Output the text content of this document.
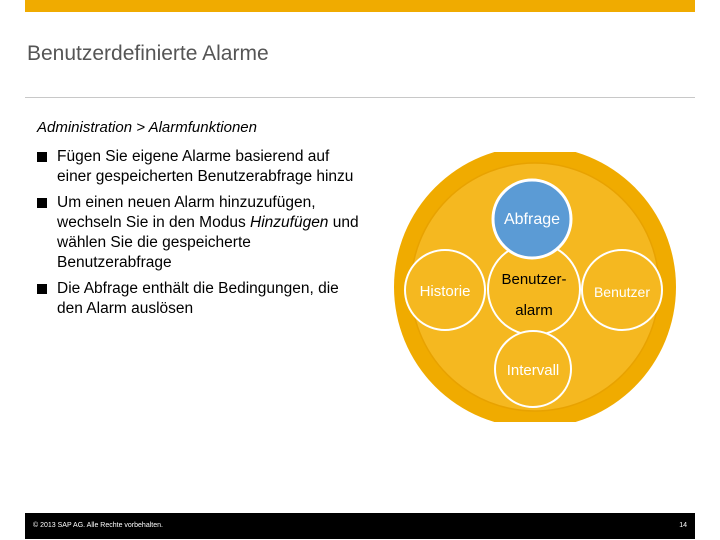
Benutzerdefinierte Alarme
Administration > Alarmfunktionen
Fügen Sie eigene Alarme basierend auf einer gespeicherten Benutzerabfrage hinzu
Um einen neuen Alarm hinzuzufügen, wechseln Sie in den Modus Hinzufügen und wählen Sie die gespeicherte Benutzerabfrage
Die Abfrage enthält die Bedingungen, die den Alarm auslösen
Abfrage
Historie
Benutzer-
alarm
Benutzer
Intervall
© 2013 SAP AG. Alle Rechte vorbehalten.	14
